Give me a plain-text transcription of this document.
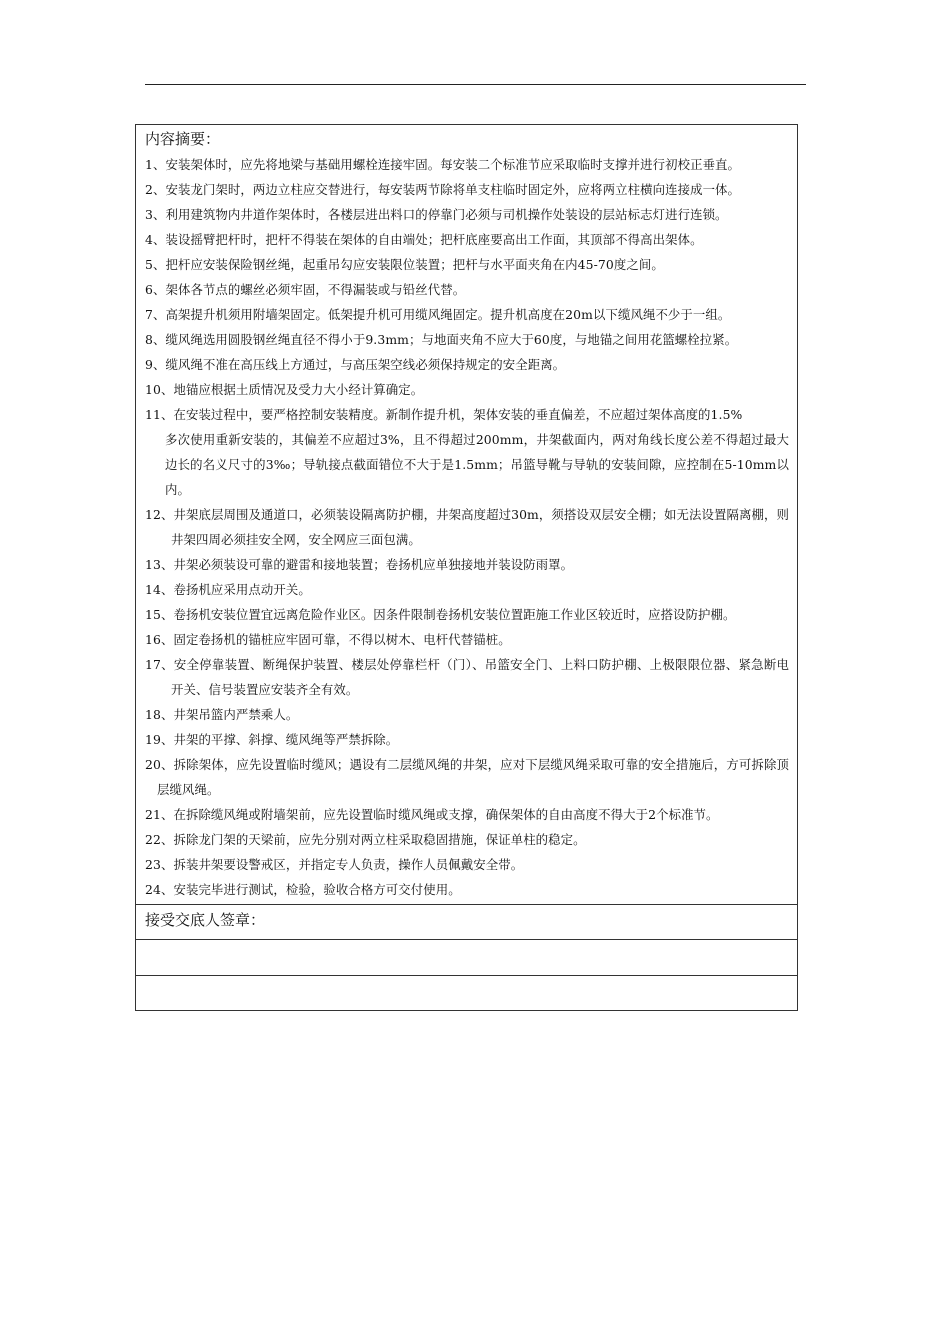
内容摘要：

1、安装架体时，应先将地梁与基础用螺栓连接牢固。每安装二个标准节应采取临时支撑并进行初校正垂直。

2、安装龙门架时，两边立柱应交替进行，每安装两节除将单支柱临时固定外，应将两立柱横向连接成一体。

3、利用建筑物内井道作架体时，各楼层进出料口的停靠门必须与司机操作处装设的层站标志灯进行连锁。

4、装设摇臂把杆时，把杆不得装在架体的自由端处；把杆底座要高出工作面，其顶部不得高出架体。

5、把杆应安装保险钢丝绳，起重吊勾应安装限位装置；把杆与水平面夹角在内45-70度之间。

6、架体各节点的螺丝必须牢固，不得漏装或与铅丝代替。

7、高架提升机须用附墙架固定。低架提升机可用缆风绳固定。提升机高度在20m以下缆风绳不少于一组。

8、缆风绳选用圆股钢丝绳直径不得小于9.3mm；与地面夹角不应大于60度，与地锚之间用花篮螺栓拉紧。

9、缆风绳不准在高压线上方通过，与高压架空线必须保持规定的安全距离。

10、地锚应根据土质情况及受力大小经计算确定。

11、在安装过程中，要严格控制安装精度。新制作提升机，架体安装的垂直偏差，不应超过架体高度的1.5%

多次使用重新安装的，其偏差不应超过3%，且不得超过200mm，井架截面内，两对角线长度公差不得超过最大边长的名义尺寸的3‰；导轨接点截面错位不大于是1.5mm；吊篮导靴与导轨的安装间隙，应控制在5-10mm以内。

12、井架底层周围及通道口，必须装设隔离防护棚，井架高度超过30m，须搭设双层安全棚；如无法设置隔离棚，则井架四周必须挂安全网，安全网应三面包满。

13、井架必须装设可靠的避雷和接地装置；卷扬机应单独接地并装设防雨罩。

14、卷扬机应采用点动开关。

15、卷扬机安装位置宜远离危险作业区。因条件限制卷扬机安装位置距施工作业区较近时，应搭设防护棚。

16、固定卷扬机的锚桩应牢固可靠，不得以树木、电杆代替锚桩。

17、安全停靠装置、断绳保护装置、楼层处停靠栏杆（门）、吊篮安全门、上料口防护棚、上极限限位器、紧急断电开关、信号装置应安装齐全有效。

18、井架吊篮内严禁乘人。

19、井架的平撑、斜撑、缆风绳等严禁拆除。

20、拆除架体，应先设置临时缆风；遇设有二层缆风绳的井架，应对下层缆风绳采取可靠的安全措施后，方可拆除顶层缆风绳。

21、在拆除缆风绳或附墙架前，应先设置临时缆风绳或支撑，确保架体的自由高度不得大于2个标准节。

22、拆除龙门架的天梁前，应先分别对两立柱采取稳固措施，保证单柱的稳定。

23、拆装井架要设警戒区，并指定专人负责，操作人员佩戴安全带。

24、安装完毕进行测试，检验，验收合格方可交付使用。

接受交底人签章：
